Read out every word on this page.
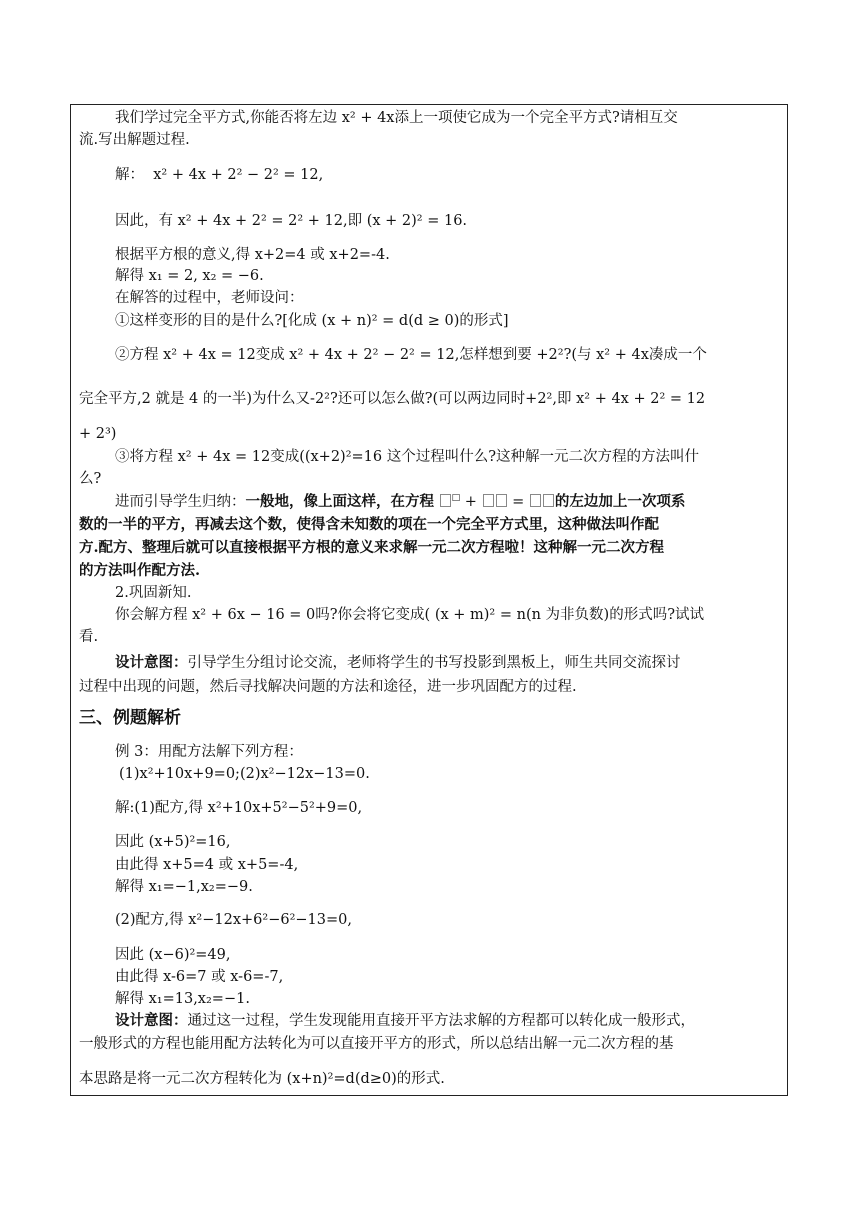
我们学过完全平方式,你能否将左边 x² + 4x添上一项使它成为一个完全平方式?请相互交
流.写出解题过程.
解： x² + 4x + 2² − 2² = 12,
因此，有 x² + 4x + 2² = 2² + 12,即 (x + 2)² = 16.
根据平方根的意义,得 x+2=4 或 x+2=-4.
解得 x₁ = 2, x₂ = −6.
在解答的过程中，老师设问：
①这样变形的目的是什么?[化成 (x + n)² = d(d ≥ 0)的形式]
②方程 x² + 4x = 12变成 x² + 4x + 2² − 2² = 12,怎样想到要 +2²?(与 x² + 4x凑成一个
完全平方,2 就是 4 的一半)为什么又-2²?还可以怎么做?(可以两边同时+2²,即 x² + 4x + 2² = 12
+ 2³)
③将方程 x² + 4x = 12变成((x+2)²=16 这个过程叫什么?这种解一元二次方程的方法叫什
么?
进而引导学生归纳：一般地，像上面这样，在方程 □ +  = 的左边加上一次项系
数的一半的平方，再减去这个数，使得含未知数的项在一个完全平方式里，这种做法叫作配
方.配方、整理后就可以直接根据平方根的意义来求解一元二次方程啦！这种解一元二次方程
的方法叫作配方法.
2.巩固新知.
你会解方程 x² + 6x − 16 = 0吗?你会将它变成( (x + m)² = n(n 为非负数)的形式吗?试试
看.
设计意图：引导学生分组讨论交流，老师将学生的书写投影到黑板上，师生共同交流探讨
过程中出现的问题，然后寻找解决问题的方法和途径，进一步巩固配方的过程.
三、例题解析
例 3：用配方法解下列方程：
(1)x²+10x+9=0;(2)x²−12x−13=0.
解:(1)配方,得 x²+10x+5²−5²+9=0,
因此 (x+5)²=16,
由此得 x+5=4 或 x+5=-4,
解得 x₁=−1,x₂=−9.
(2)配方,得 x²−12x+6²−6²−13=0,
因此 (x−6)²=49,
由此得 x-6=7 或 x-6=-7,
解得 x₁=13,x₂=−1.
设计意图：通过这一过程，学生发现能用直接开平方法求解的方程都可以转化成一般形式，
一般形式的方程也能用配方法转化为可以直接开平方的形式，所以总结出解一元二次方程的基
本思路是将一元二次方程转化为 (x+n)²=d(d≥0)的形式.
